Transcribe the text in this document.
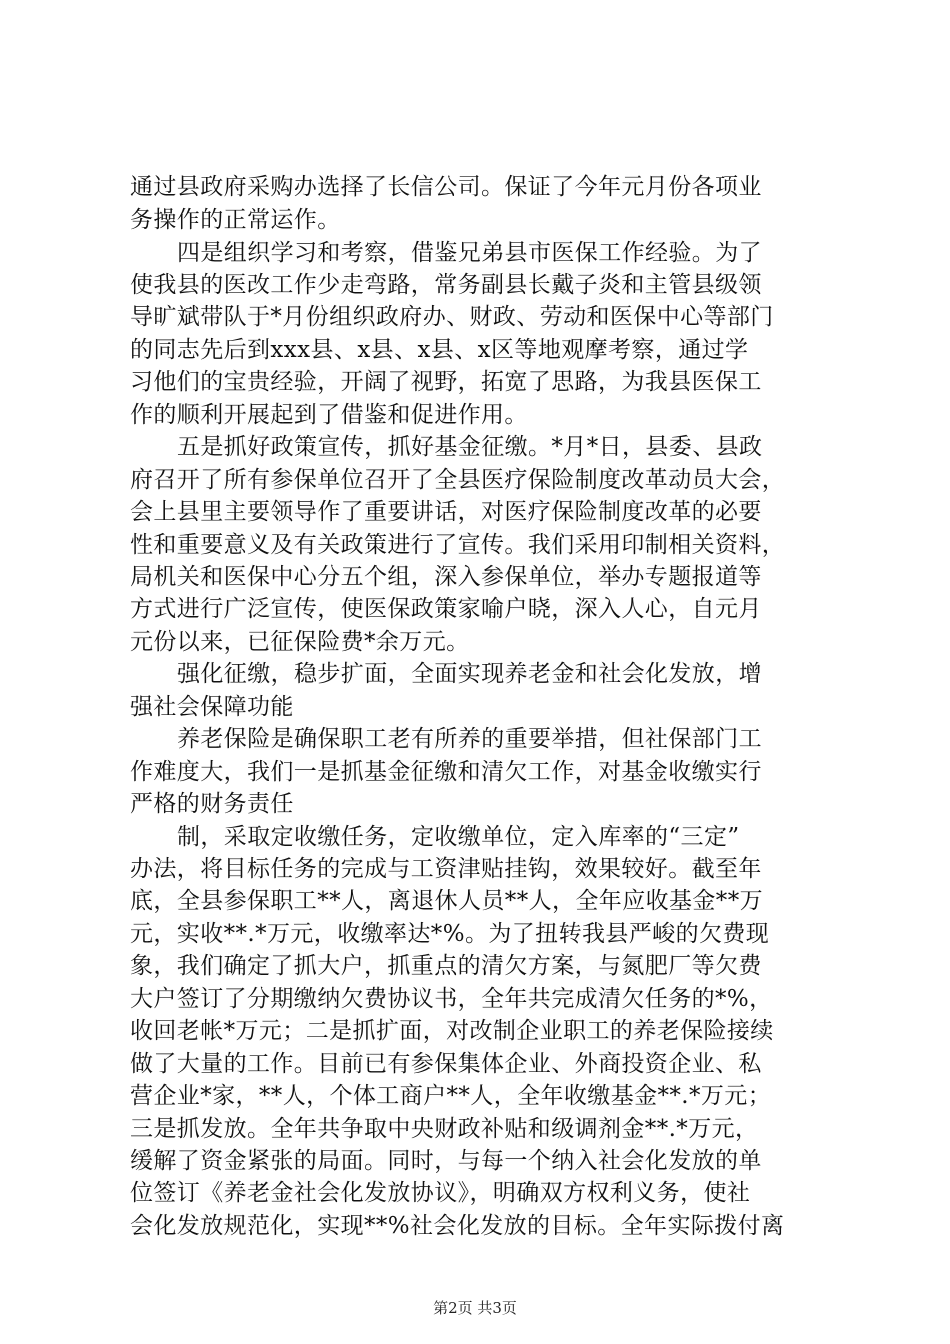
通过县政府采购办选择了长信公司。保证了今年元月份各项业
务操作的正常运作。
四是组织学习和考察，借鉴兄弟县市医保工作经验。为了
使我县的医改工作少走弯路，常务副县长戴子炎和主管县级领
导旷斌带队于*月份组织政府办、财政、劳动和医保中心等部门
的同志先后到xxx县、x县、x县、x区等地观摩考察，通过学
习他们的宝贵经验，开阔了视野，拓宽了思路，为我县医保工
作的顺利开展起到了借鉴和促进作用。
五是抓好政策宣传，抓好基金征缴。*月*日，县委、县政
府召开了所有参保单位召开了全县医疗保险制度改革动员大会，
会上县里主要领导作了重要讲话，对医疗保险制度改革的必要
性和重要意义及有关政策进行了宣传。我们采用印制相关资料，
局机关和医保中心分五个组，深入参保单位，举办专题报道等
方式进行广泛宣传，使医保政策家喻户晓，深入人心，自元月
元份以来，已征保险费*余万元。
强化征缴，稳步扩面，全面实现养老金和社会化发放，增
强社会保障功能
养老保险是确保职工老有所养的重要举措，但社保部门工
作难度大，我们一是抓基金征缴和清欠工作，对基金收缴实行
严格的财务责任
制，采取定收缴任务，定收缴单位，定入库率的“三定”
办法，将目标任务的完成与工资津贴挂钩，效果较好。截至年
底，全县参保职工**人，离退休人员**人，全年应收基金**万
元，实收**.*万元，收缴率达*%。为了扭转我县严峻的欠费现
象，我们确定了抓大户，抓重点的清欠方案，与氮肥厂等欠费
大户签订了分期缴纳欠费协议书，全年共完成清欠任务的*%，
收回老帐*万元；二是抓扩面，对改制企业职工的养老保险接续
做了大量的工作。目前已有参保集体企业、外商投资企业、私
营企业*家，**人，个体工商户**人，全年收缴基金**.*万元；
三是抓发放。全年共争取中央财政补贴和级调剂金**.*万元，
缓解了资金紧张的局面。同时，与每一个纳入社会化发放的单
位签订《养老金社会化发放协议》，明确双方权利义务，使社
会化发放规范化，实现**%社会化发放的目标。全年实际拨付离
第2页 共3页
